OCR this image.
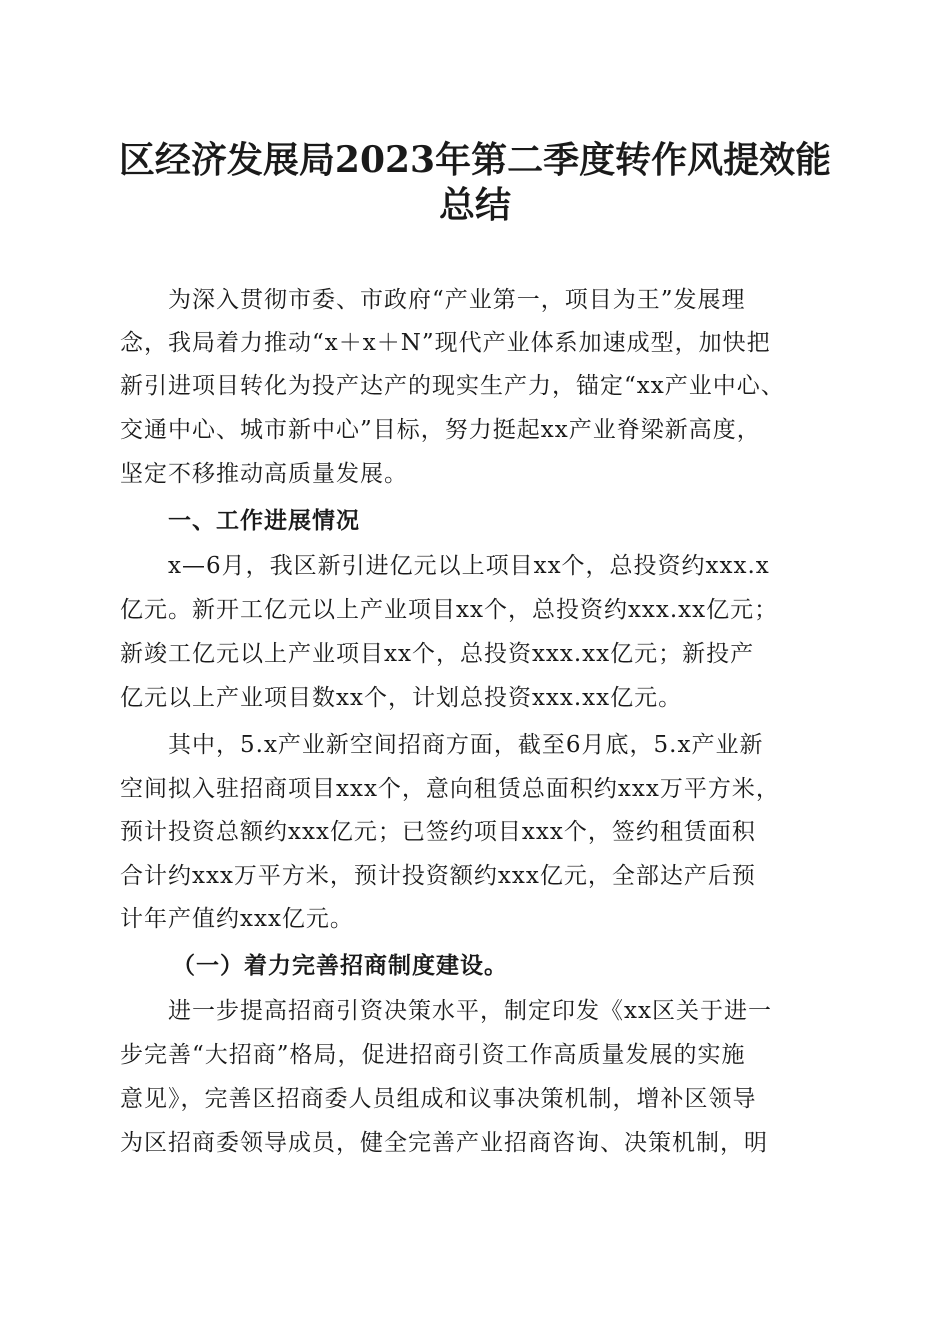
区经济发展局2023年第二季度转作风提效能
总结

为深入贯彻市委、市政府“产业第一，项目为王”发展理

念，我局着力推动“x＋x＋N”现代产业体系加速成型，加快把

新引进项目转化为投产达产的现实生产力，锚定“xx产业中心、

交通中心、城市新中心”目标，努力挺起xx产业脊梁新高度，

坚定不移推动高质量发展。

一、工作进展情况

x—6月，我区新引进亿元以上项目xx个，总投资约xxx.x

亿元。新开工亿元以上产业项目xx个，总投资约xxx.xx亿元；

新竣工亿元以上产业项目xx个，总投资xxx.xx亿元；新投产

亿元以上产业项目数xx个，计划总投资xxx.xx亿元。

其中，5.x产业新空间招商方面，截至6月底，5.x产业新

空间拟入驻招商项目xxx个，意向租赁总面积约xxx万平方米，

预计投资总额约xxx亿元；已签约项目xxx个，签约租赁面积

合计约xxx万平方米，预计投资额约xxx亿元，全部达产后预

计年产值约xxx亿元。

（一）着力完善招商制度建设。

进一步提高招商引资决策水平，制定印发《xx区关于进一

步完善“大招商”格局，促进招商引资工作高质量发展的实施

意见》，完善区招商委人员组成和议事决策机制，增补区领导

为区招商委领导成员，健全完善产业招商咨询、决策机制，明
